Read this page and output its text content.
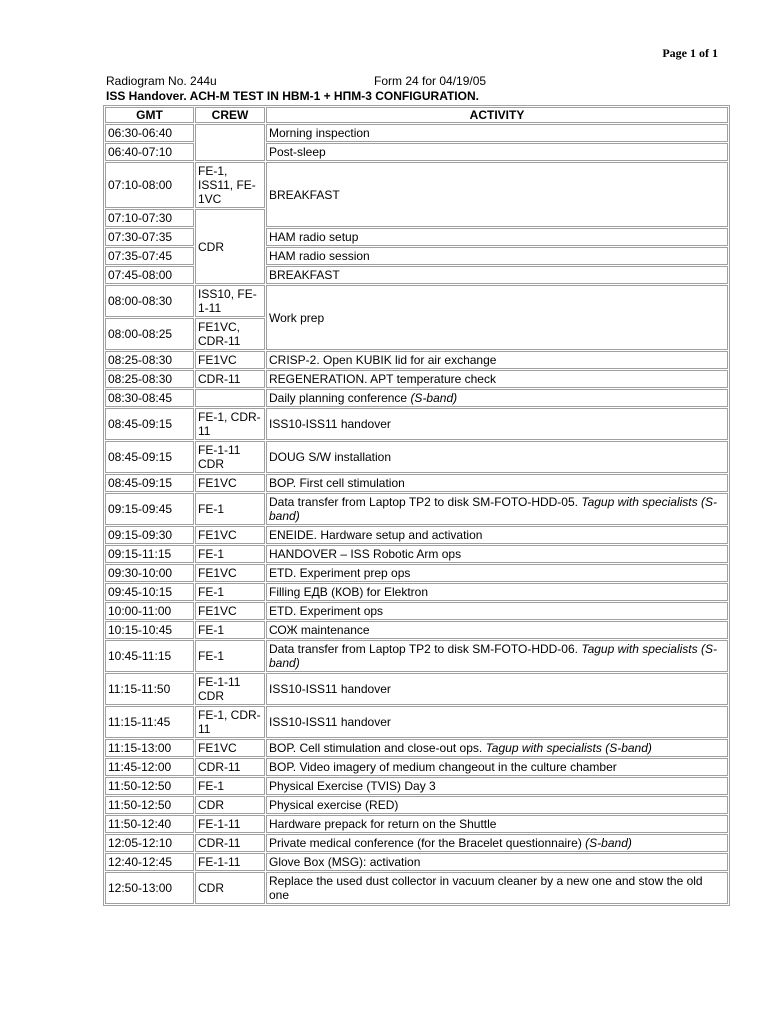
Page 1 of 1
Radiogram No. 244u	Form 24 for 04/19/05
ISS Handover. ACH-M TEST IN HBM-1 + HПM-3 CONFIGURATION.
GMT	CREW	ACTIVITY
06:30-06:40		Morning inspection
06:40-07:10		Post-sleep
07:10-08:00	FE-1, ISS11, FE-1VC	BREAKFAST
07:10-07:30	CDR	
07:30-07:35		HAM radio setup
07:35-07:45		HAM radio session
07:45-08:00		BREAKFAST
08:00-08:30	ISS10, FE-1-11	Work prep
08:00-08:25	FE1VC, CDR-11	
08:25-08:30	FE1VC	CRISP-2. Open KUBIK lid for air exchange
08:25-08:30	CDR-11	REGENERATION. APT temperature check
08:30-08:45		Daily planning conference (S-band)
08:45-09:15	FE-1, CDR-11	ISS10-ISS11 handover
08:45-09:15	FE-1-11 CDR	DOUG S/W installation
08:45-09:15	FE1VC	BOP. First cell stimulation
09:15-09:45	FE-1	Data transfer from Laptop TP2 to disk SM-FOTO-HDD-05. Tagup with specialists (S-band)
09:15-09:30	FE1VC	ENEIDE. Hardware setup and activation
09:15-11:15	FE-1	HANDOVER – ISS Robotic Arm ops
09:30-10:00	FE1VC	ETD. Experiment prep ops
09:45-10:15	FE-1	Filling ЕДВ (КОВ) for Elektron
10:00-11:00	FE1VC	ETD. Experiment ops
10:15-10:45	FE-1	СОЖ maintenance
10:45-11:15	FE-1	Data transfer from Laptop TP2 to disk SM-FOTO-HDD-06. Tagup with specialists (S-band)
11:15-11:50	FE-1-11 CDR	ISS10-ISS11 handover
11:15-11:45	FE-1, CDR-11	ISS10-ISS11 handover
11:15-13:00	FE1VC	BOP. Cell stimulation and close-out ops. Tagup with specialists (S-band)
11:45-12:00	CDR-11	BOP. Video imagery of medium changeout in the culture chamber
11:50-12:50	FE-1	Physical Exercise (TVIS) Day 3
11:50-12:50	CDR	Physical exercise (RED)
11:50-12:40	FE-1-11	Hardware prepack for return on the Shuttle
12:05-12:10	CDR-11	Private medical conference (for the Bracelet questionnaire) (S-band)
12:40-12:45	FE-1-11	Glove Box (MSG): activation
12:50-13:00	CDR	Replace the used dust collector in vacuum cleaner by a new one and stow the old one
